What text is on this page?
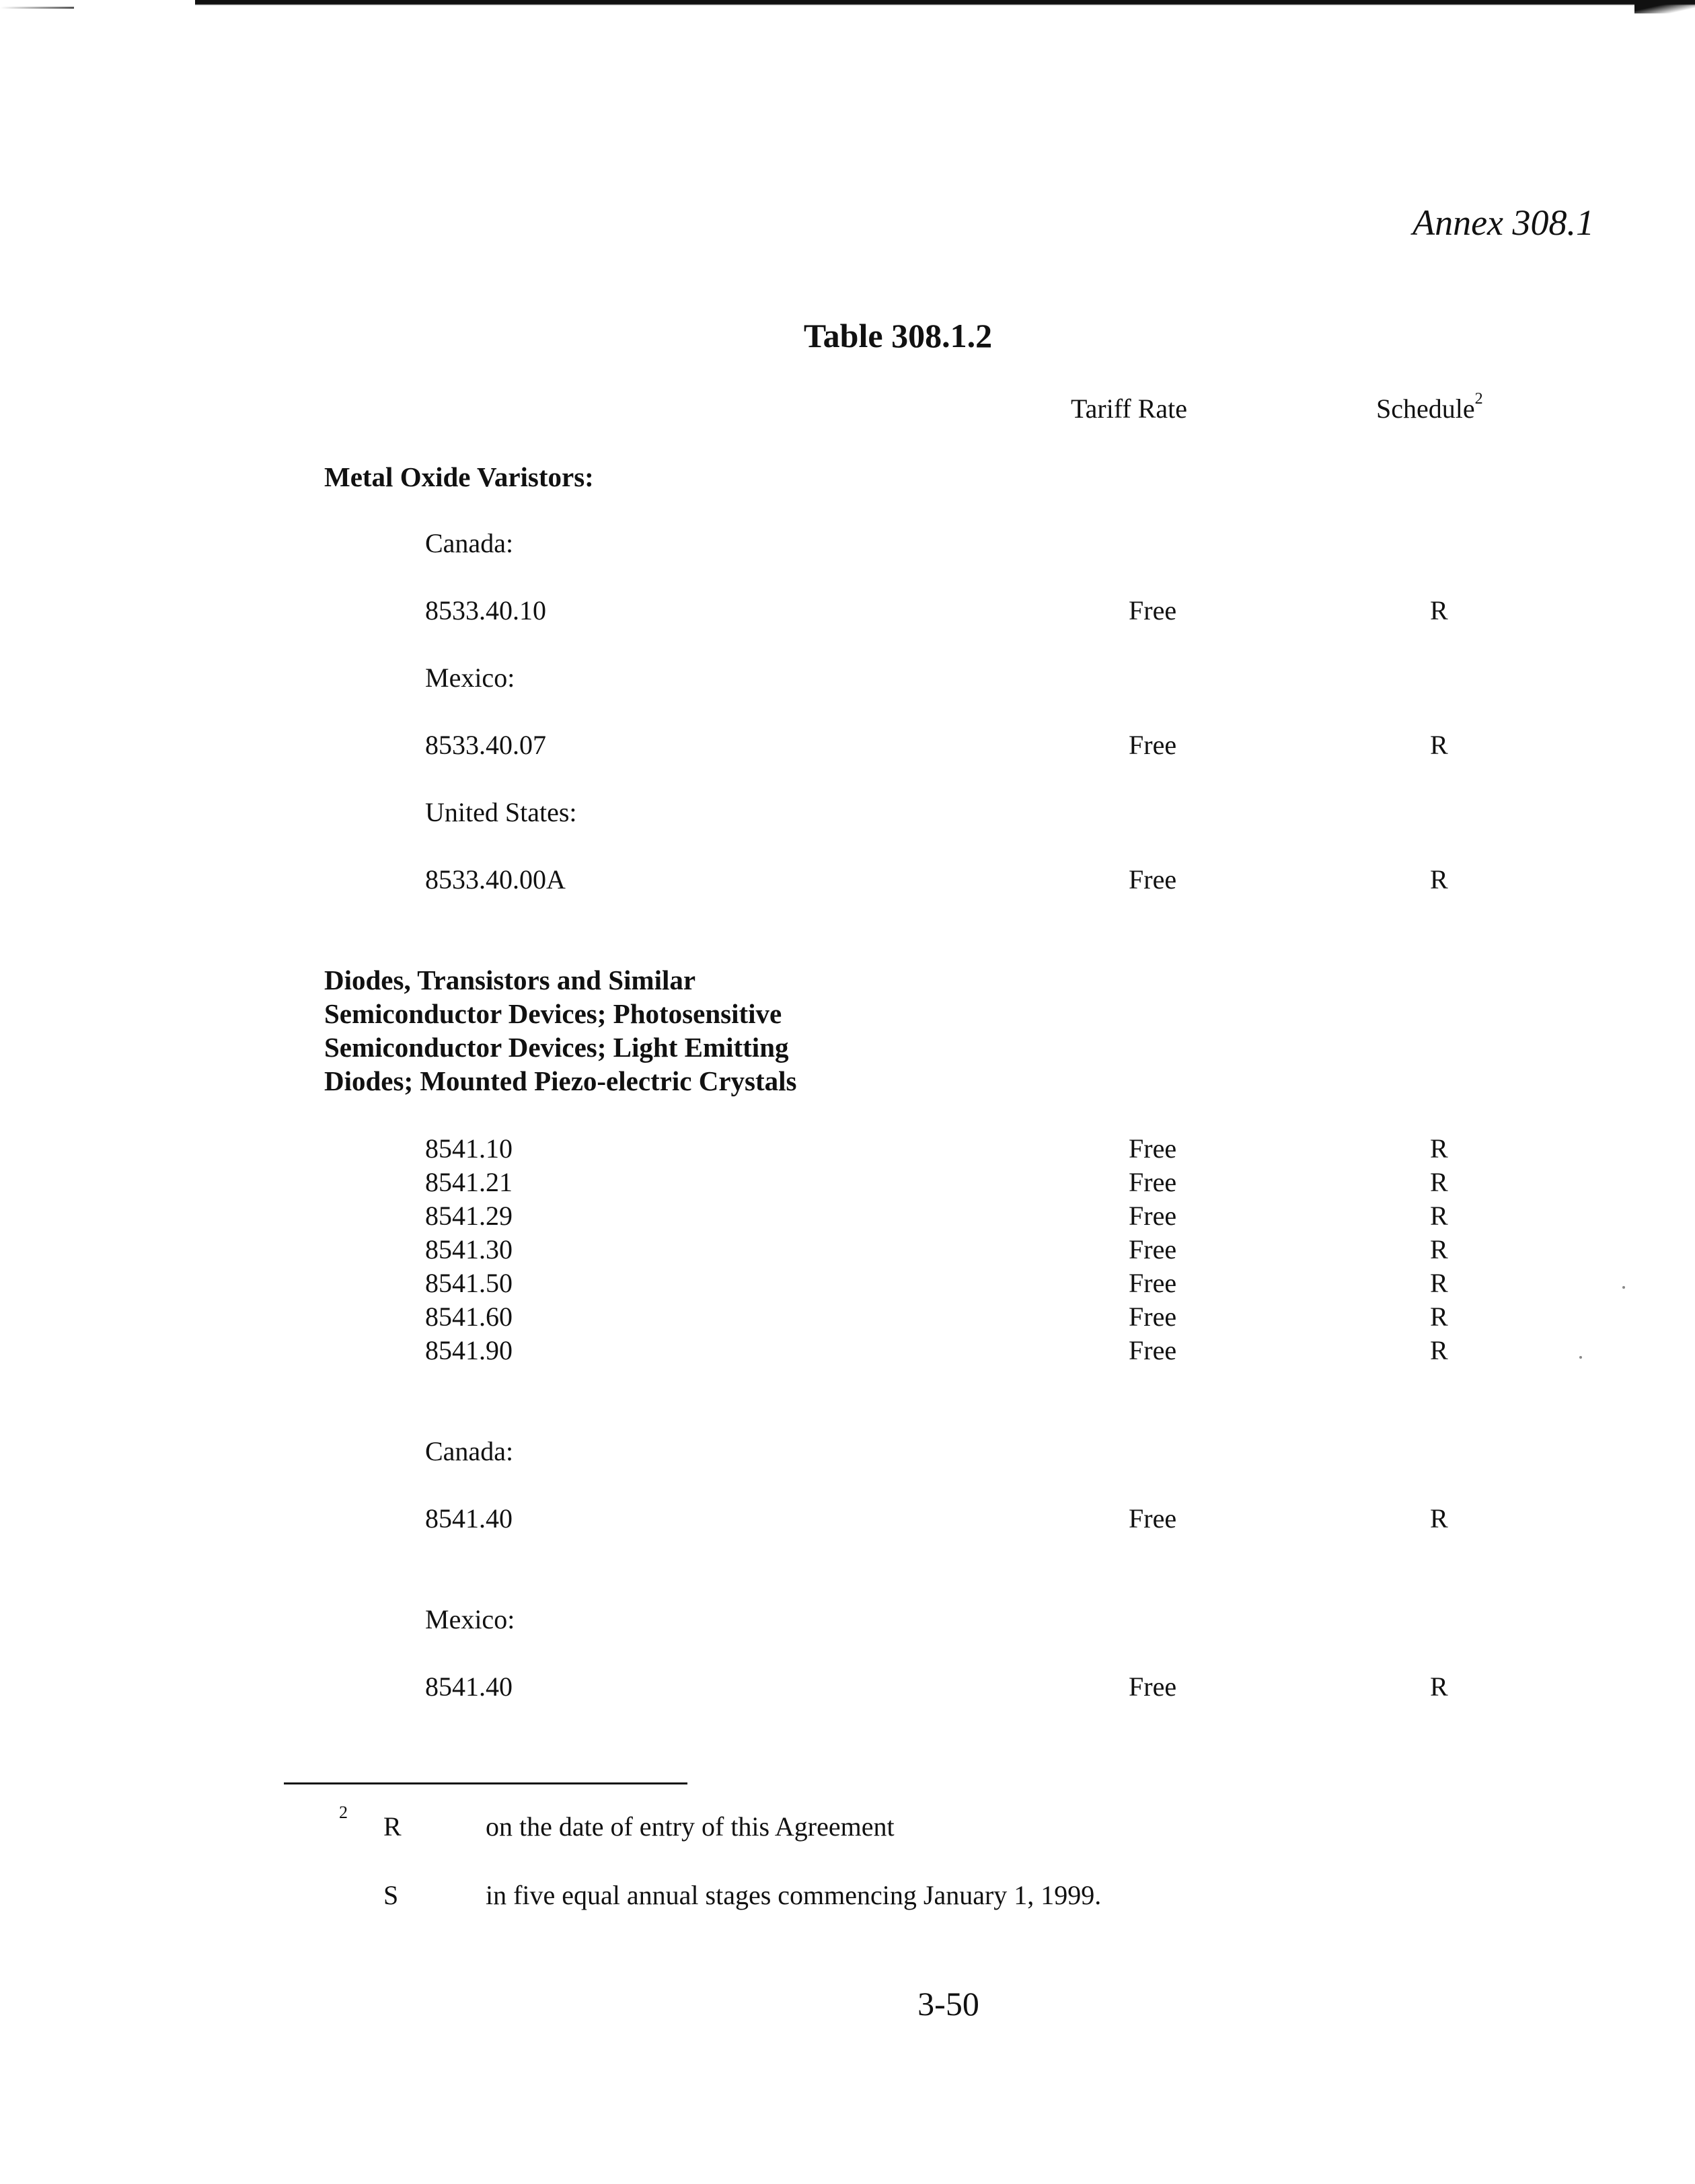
Annex 308.1
Table 308.1.2
Tariff Rate	Schedule$^2$
Metal Oxide Varistors:
Canada:
8533.40.10	Free	R
Mexico:
8533.40.07	Free	R
United States:
8533.40.00A	Free	R
Diodes, Transistors and Similar
Semiconductor Devices; Photosensitive
Semiconductor Devices; Light Emitting
Diodes; Mounted Piezo-electric Crystals
8541.10	Free	R
8541.21	Free	R
8541.29	Free	R
8541.30	Free	R
8541.50	Free	R
8541.60	Free	R
8541.90	Free	R
Canada:
8541.40	Free	R
Mexico:
8541.40	Free	R
2 R	on the date of entry of this Agreement
S	in five equal annual stages commencing January 1, 1999.
3-50
